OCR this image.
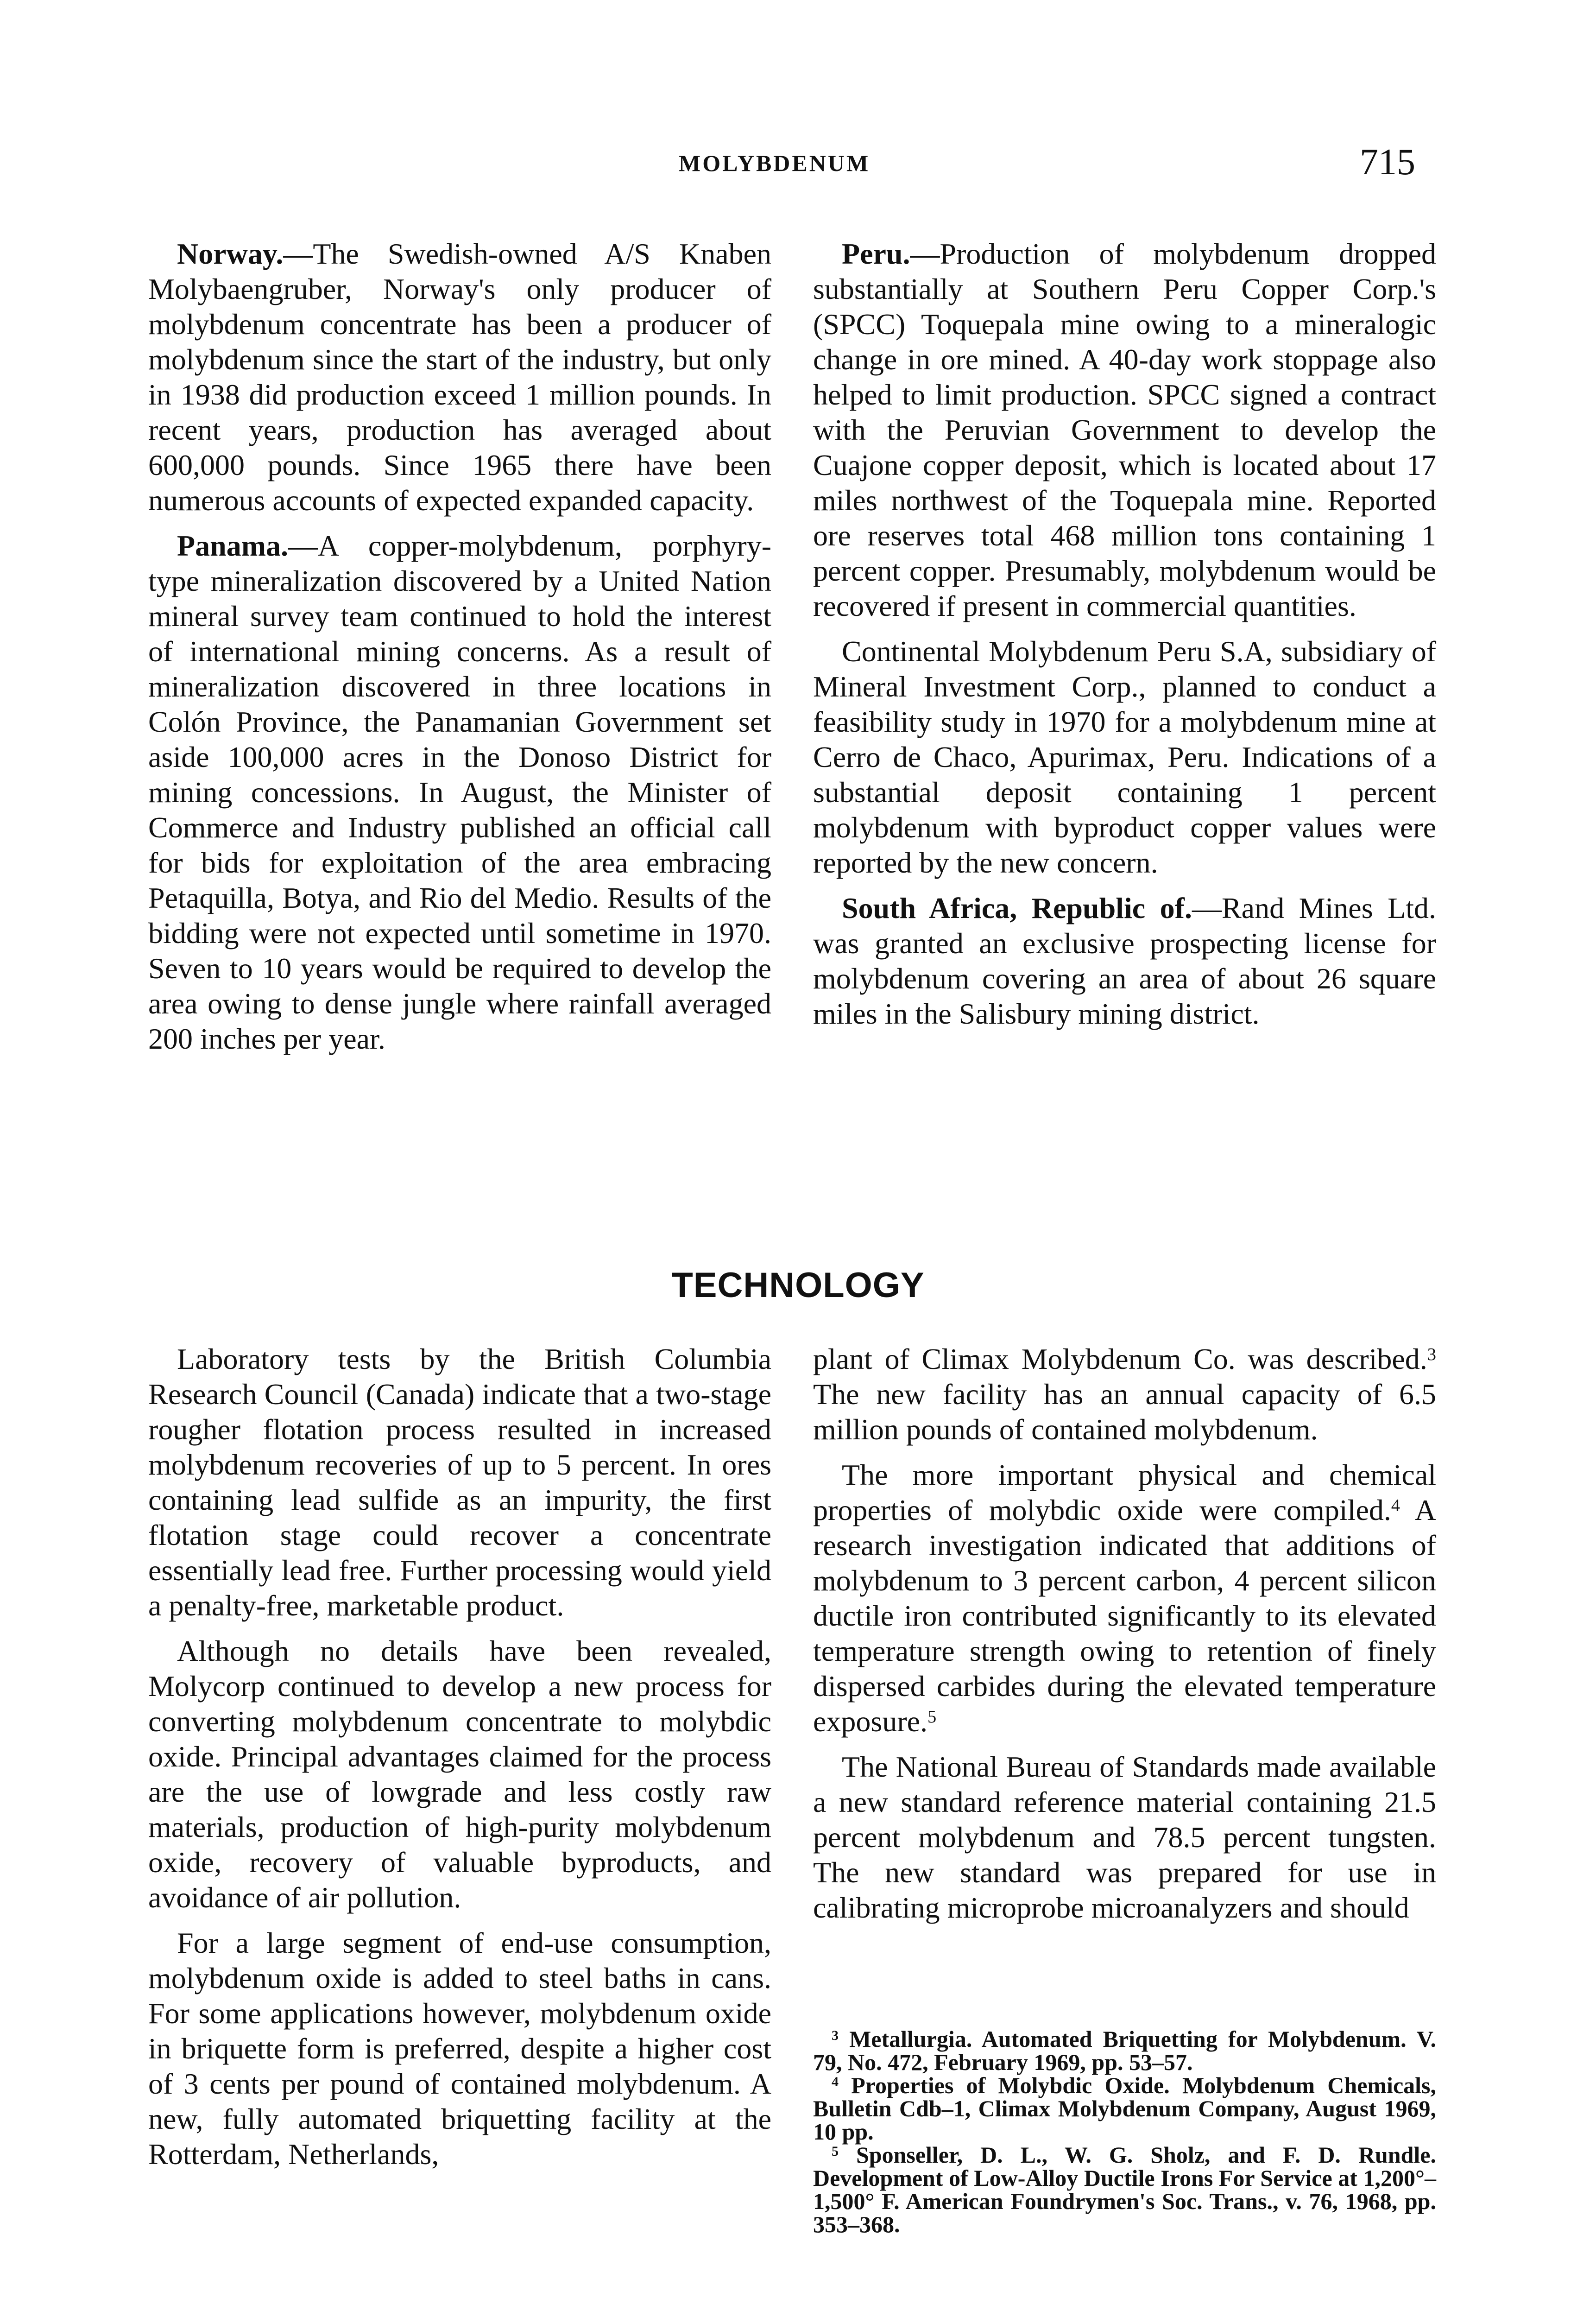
MOLYBDENUM	715

Norway.—The Swedish-owned A/S Knaben Molybaengruber, Norway's only producer of molybdenum concentrate has been a producer of molybdenum since the start of the industry, but only in 1938 did production exceed 1 million pounds. In recent years, production has averaged about 600,000 pounds. Since 1965 there have been numerous accounts of expected expanded capacity.

Panama.—A copper-molybdenum, porphyry-type mineralization discovered by a United Nation mineral survey team continued to hold the interest of international mining concerns. As a result of mineralization discovered in three locations in Colón Province, the Panamanian Government set aside 100,000 acres in the Donoso District for mining concessions. In August, the Minister of Commerce and Industry published an official call for bids for exploitation of the area embracing Petaquilla, Botya, and Rio del Medio. Results of the bidding were not expected until sometime in 1970. Seven to 10 years would be required to develop the area owing to dense jungle where rainfall averaged 200 inches per year.

Peru.—Production of molybdenum dropped substantially at Southern Peru Copper Corp.'s (SPCC) Toquepala mine owing to a mineralogic change in ore mined. A 40-day work stoppage also helped to limit production. SPCC signed a contract with the Peruvian Government to develop the Cuajone copper deposit, which is located about 17 miles northwest of the Toquepala mine. Reported ore reserves total 468 million tons containing 1 percent copper. Presumably, molybdenum would be recovered if present in commercial quantities.

Continental Molybdenum Peru S.A, subsidiary of Mineral Investment Corp., planned to conduct a feasibility study in 1970 for a molybdenum mine at Cerro de Chaco, Apurimax, Peru. Indications of a substantial deposit containing 1 percent molybdenum with byproduct copper values were reported by the new concern.

South Africa, Republic of.—Rand Mines Ltd. was granted an exclusive prospecting license for molybdenum covering an area of about 26 square miles in the Salisbury mining district.

TECHNOLOGY

Laboratory tests by the British Columbia Research Council (Canada) indicate that a two-stage rougher flotation process resulted in increased molybdenum recoveries of up to 5 percent. In ores containing lead sulfide as an impurity, the first flotation stage could recover a concentrate essentially lead free. Further processing would yield a penalty-free, marketable product.

Although no details have been revealed, Molycorp continued to develop a new process for converting molybdenum concentrate to molybdic oxide. Principal advantages claimed for the process are the use of lowgrade and less costly raw materials, production of high-purity molybdenum oxide, recovery of valuable byproducts, and avoidance of air pollution.

For a large segment of end-use consumption, molybdenum oxide is added to steel baths in cans. For some applications however, molybdenum oxide in briquette form is preferred, despite a higher cost of 3 cents per pound of contained molybdenum. A new, fully automated briquetting facility at the Rotterdam, Netherlands,

plant of Climax Molybdenum Co. was described.$^3$ The new facility has an annual capacity of 6.5 million pounds of contained molybdenum.

The more important physical and chemical properties of molybdic oxide were compiled.$^4$ A research investigation indicated that additions of molybdenum to 3 percent carbon, 4 percent silicon ductile iron contributed significantly to its elevated temperature strength owing to retention of finely dispersed carbides during the elevated temperature exposure.$^5$

The National Bureau of Standards made available a new standard reference material containing 21.5 percent molybdenum and 78.5 percent tungsten. The new standard was prepared for use in calibrating microprobe microanalyzers and should

$^3$ Metallurgia. Automated Briquetting for Molybdenum. V. 79, No. 472, February 1969, pp. 53–57.

$^4$ Properties of Molybdic Oxide. Molybdenum Chemicals, Bulletin Cdb–1, Climax Molybdenum Company, August 1969, 10 pp.

$^5$ Sponseller, D. L., W. G. Sholz, and F. D. Rundle. Development of Low-Alloy Ductile Irons For Service at 1,200°–1,500° F. American Foundrymen's Soc. Trans., v. 76, 1968, pp. 353–368.
